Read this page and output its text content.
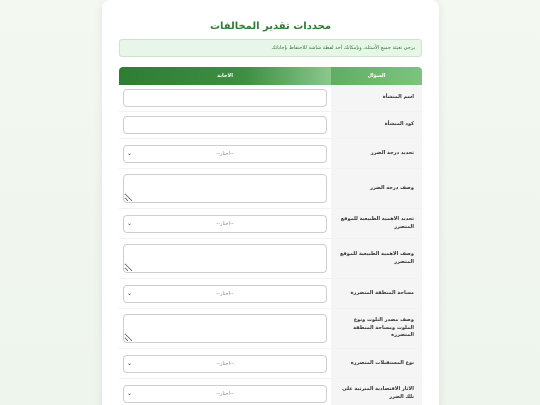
محددات تقدير المخالفات
يرجى تعبئة جميع الأسئلة، وبإمكانك أخذ لقطة شاشة للاحتفاظ بإجاباتك
السؤال
الاجابة
اسم المنشأة
كود المنشأة
تحديد درجة الضرر
--اختار--
⌄
وصف درجة الضرر
تحديد الاهمية الطبيعية للموقع المتضرر
--اختار--
⌄
وصف الاهمية الطبيعية للموقع المتضرر
مساحة المنطقة المتضررة
--اختار--
⌄
وصف مصدر التلوث ونوع الملوث ومساحة المنطقة المتضررة
نوع المستقبلات المتضررة
--اختار--
⌄
الاثار الاقتصادية المترتبة على تلك الضرر
--اختار--
⌄
